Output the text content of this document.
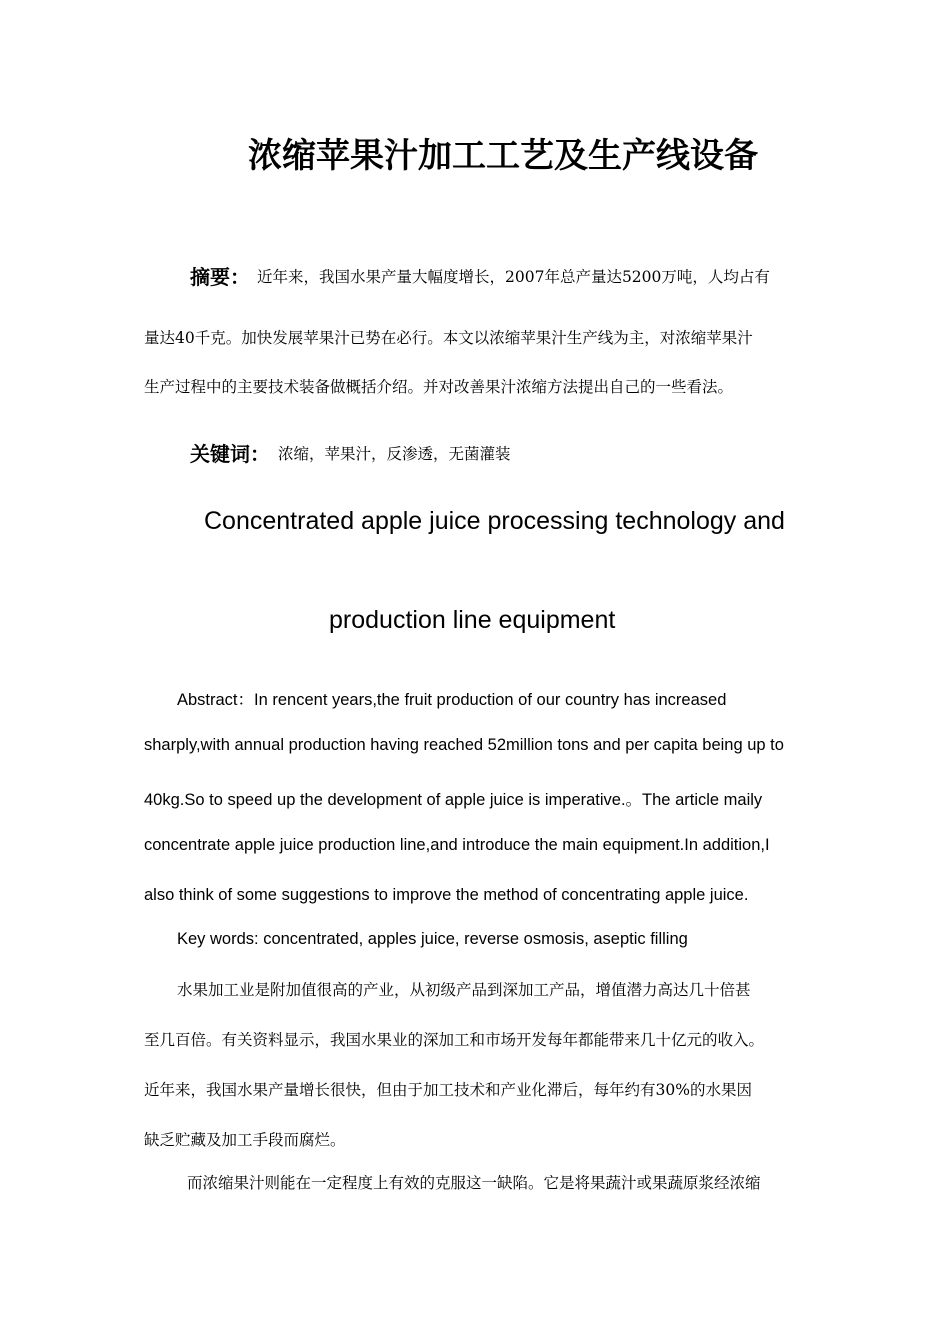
浓缩苹果汁加工工艺及生产线设备
摘要： 近年来，我国水果产量大幅度增长，2007年总产量达5200万吨，人均占有
量达40千克。加快发展苹果汁已势在必行。本文以浓缩苹果汁生产线为主，对浓缩苹果汁
生产过程中的主要技术装备做概括介绍。并对改善果汁浓缩方法提出自己的一些看法。
关键词： 浓缩，苹果汁，反渗透，无菌灌装
Concentrated apple juice processing technology and
production line equipment
Abstract：In rencent years,the fruit production of our country has increased
sharply,with annual production having reached 52million tons and per capita being up to
40kg.So to speed up the development of apple juice is imperative.。The article maily
concentrate apple juice production line,and introduce the main equipment.In addition,I
also think of some suggestions to improve the method of concentrating apple juice.
Key words: concentrated, apples juice, reverse osmosis, aseptic filling
水果加工业是附加值很高的产业，从初级产品到深加工产品，增值潜力高达几十倍甚
至几百倍。有关资料显示，我国水果业的深加工和市场开发每年都能带来几十亿元的收入。
近年来，我国水果产量增长很快，但由于加工技术和产业化滞后，每年约有30%的水果因
缺乏贮藏及加工手段而腐烂。
而浓缩果汁则能在一定程度上有效的克服这一缺陷。它是将果蔬汁或果蔬原浆经浓缩
